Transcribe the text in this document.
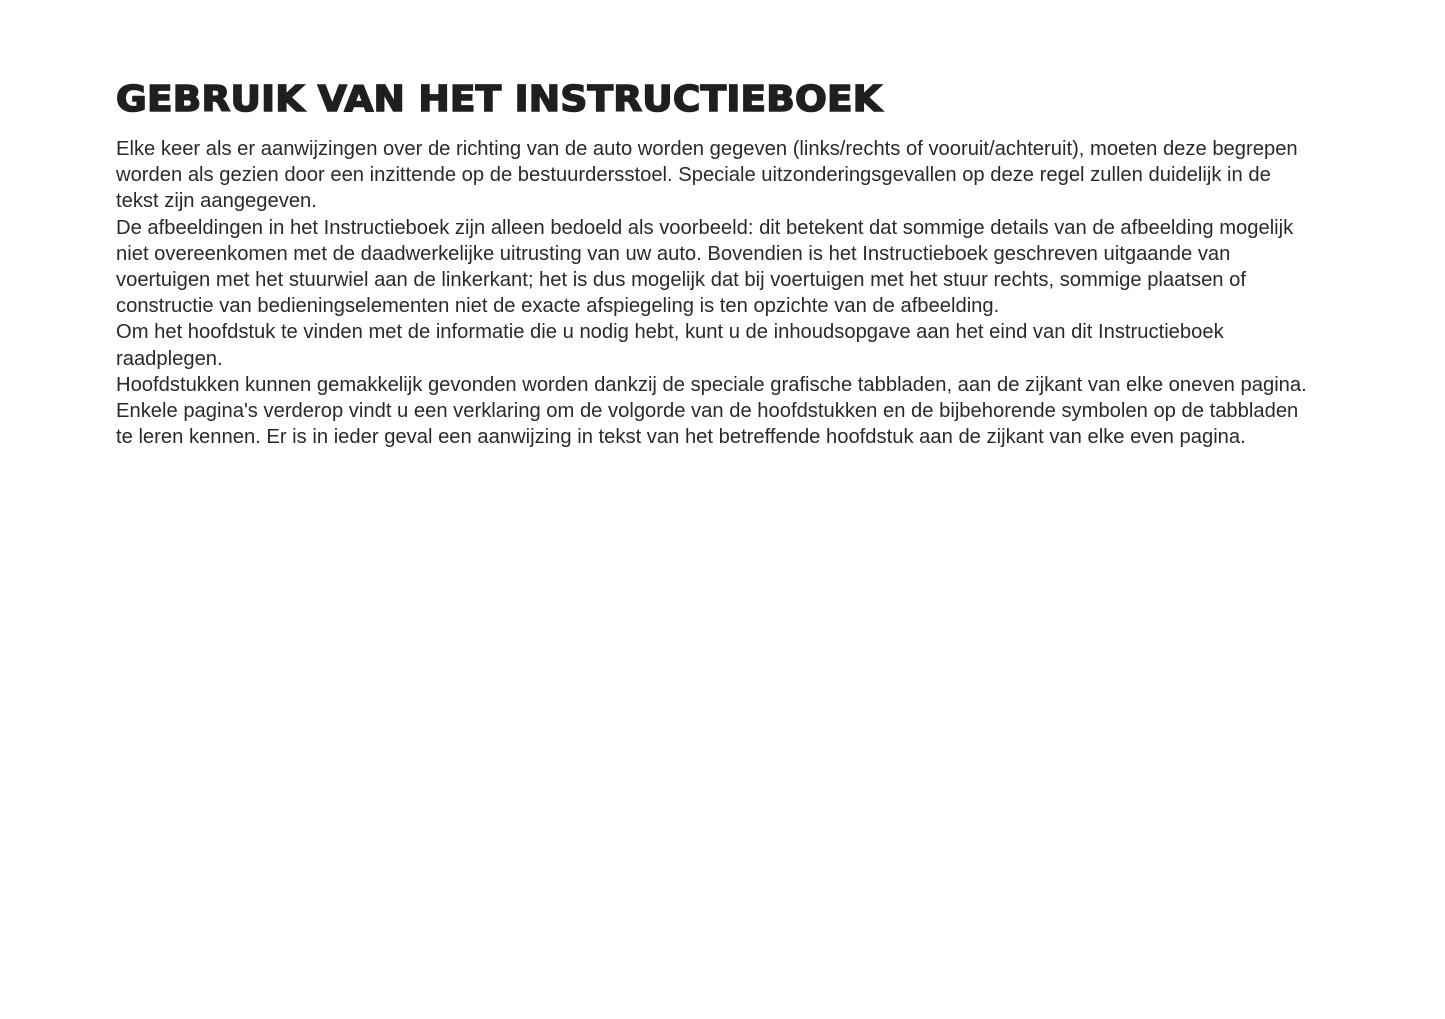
GEBRUIK VAN HET INSTRUCTIEBOEK

Elke keer als er aanwijzingen over de richting van de auto worden gegeven (links/rechts of vooruit/achteruit), moeten deze begrepen worden als gezien door een inzittende op de bestuurdersstoel. Speciale uitzonderingsgevallen op deze regel zullen duidelijk in de tekst zijn aangegeven.

De afbeeldingen in het Instructieboek zijn alleen bedoeld als voorbeeld: dit betekent dat sommige details van de afbeelding mogelijk niet overeenkomen met de daadwerkelijke uitrusting van uw auto. Bovendien is het Instructieboek geschreven uitgaande van voertuigen met het stuurwiel aan de linkerkant; het is dus mogelijk dat bij voertuigen met het stuur rechts, sommige plaatsen of constructie van bedieningselementen niet de exacte afspiegeling is ten opzichte van de afbeelding.

Om het hoofdstuk te vinden met de informatie die u nodig hebt, kunt u de inhoudsopgave aan het eind van dit Instructieboek raadplegen.

Hoofdstukken kunnen gemakkelijk gevonden worden dankzij de speciale grafische tabbladen, aan de zijkant van elke oneven pagina. Enkele pagina's verderop vindt u een verklaring om de volgorde van de hoofdstukken en de bijbehorende symbolen op de tabbladen te leren kennen. Er is in ieder geval een aanwijzing in tekst van het betreffende hoofdstuk aan de zijkant van elke even pagina.
